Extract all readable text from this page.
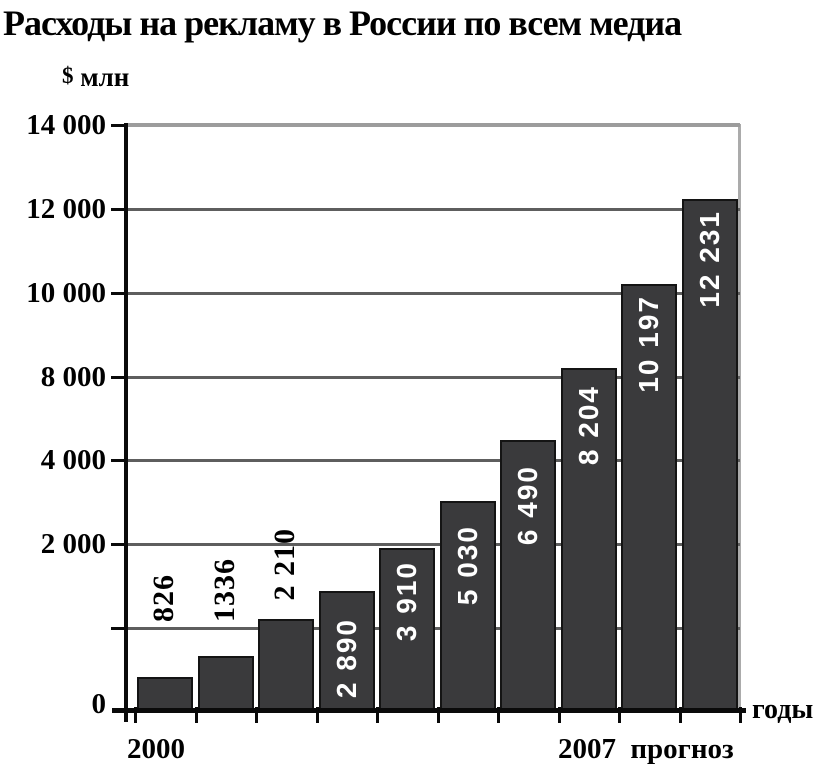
Расходы на рекламу в России по всем медиа
$ млн
826 1336 2 210
2 890
3 910 5 030
6 490
8 204
10 197
12 231
14 000
12 000
10 000
8 000
4 000
2 000
0
2000	2007 прогноз
годы
